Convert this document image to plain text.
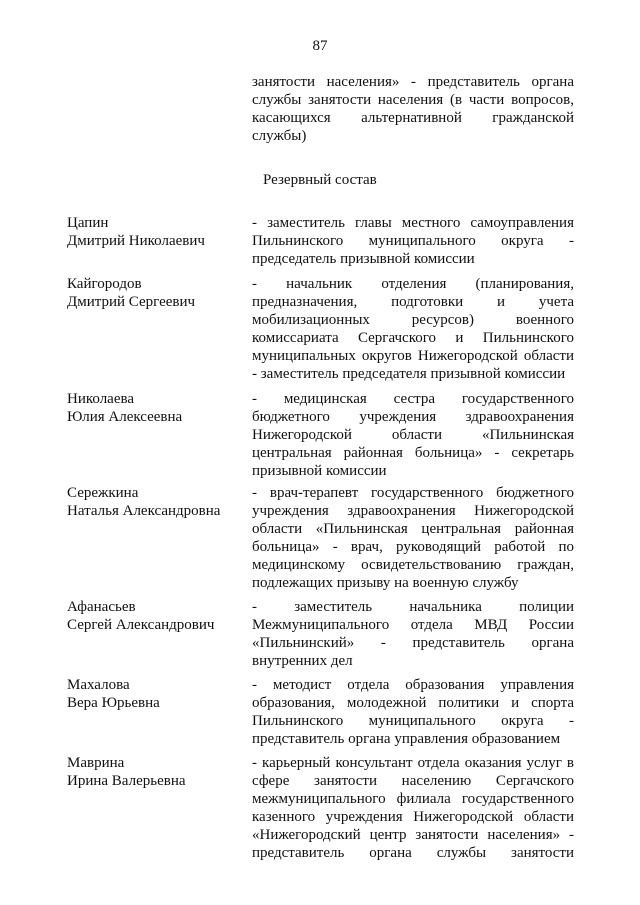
87
занятости населения» - представитель органа
службы занятости населения (в части вопросов,
касающихся альтернативной гражданской
службы)
Резервный состав
Цапин
Дмитрий Николаевич
- заместитель главы местного самоуправления
Пильнинского муниципального округа -
председатель призывной комиссии
Кайгородов
Дмитрий Сергеевич
- начальник отделения (планирования,
предназначения, подготовки и учета
мобилизационных ресурсов) военного
комиссариата Сергачского и Пильнинского
муниципальных округов Нижегородской области
- заместитель председателя призывной комиссии
Николаева
Юлия Алексеевна
- медицинская сестра государственного
бюджетного учреждения здравоохранения
Нижегородской области «Пильнинская
центральная районная больница» - секретарь
призывной комиссии
Сережкина
Наталья Александровна
- врач-терапевт государственного бюджетного
учреждения здравоохранения Нижегородской
области «Пильнинская центральная районная
больница» - врач, руководящий работой по
медицинскому освидетельствованию граждан,
подлежащих призыву на военную службу
Афанасьев
Сергей Александрович
- заместитель начальника полиции
Межмуниципального отдела МВД России
«Пильнинский» - представитель органа
внутренних дел
Махалова
Вера Юрьевна
- методист отдела образования управления
образования, молодежной политики и спорта
Пильнинского муниципального округа -
представитель органа управления образованием
Маврина
Ирина Валерьевна
- карьерный консультант отдела оказания услуг в
сфере занятости населению Сергачского
межмуниципального филиала государственного
казенного учреждения Нижегородской области
«Нижегородский центр занятости населения» -
представитель органа службы занятости
